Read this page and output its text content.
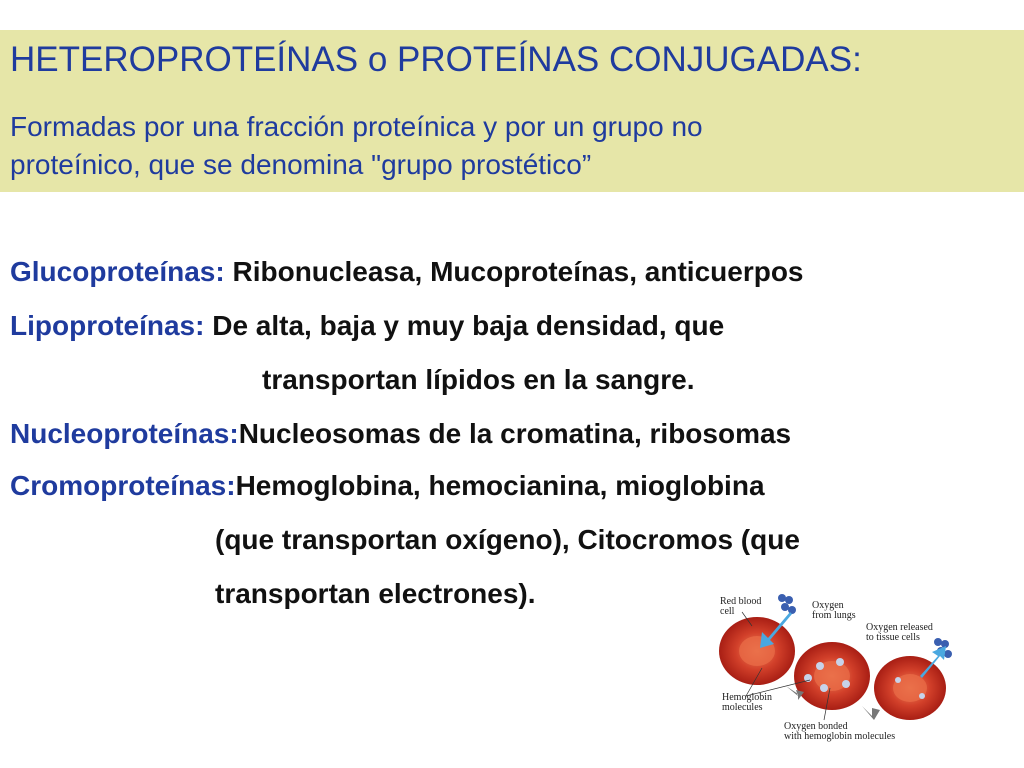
HETEROPROTEÍNAS o PROTEÍNAS CONJUGADAS:
Formadas por una fracción proteínica y por un grupo no
proteínico, que se denomina "grupo prostético”
Glucoproteínas: Ribonucleasa, Mucoproteínas, anticuerpos
Lipoproteínas: De alta, baja y muy baja densidad, que
transportan lípidos en la sangre.
Nucleoproteínas:Nucleosomas de la cromatina, ribosomas
Cromoproteínas:Hemoglobina, hemocianina, mioglobina
(que transportan oxígeno), Citocromos (que
transportan electrones).	Red blood cell
Oxygen from lungs
Oxygen released to tissue cells
Hemoglobin molecules
Oxygen bonded with hemoglobin molecules
